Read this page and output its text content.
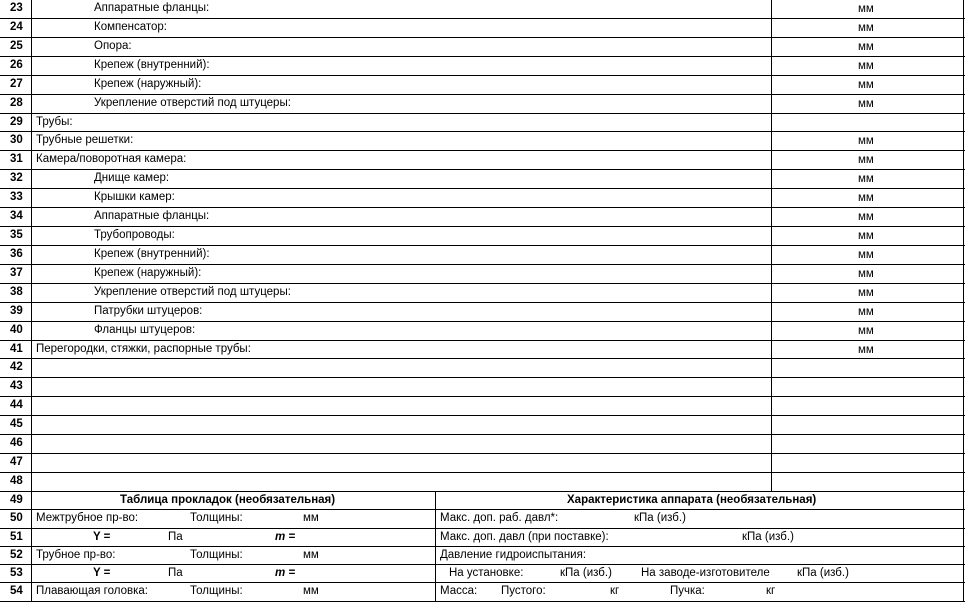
23	Аппаратные фланцы:	мм
24	Компенсатор:	мм
25	Опора:	мм
26	Крепеж (внутренний):	мм
27	Крепеж (наружный):	мм
28	Укрепление отверстий под штуцеры:	мм
29	Трубы:
30	Трубные решетки:	мм
31	Камера/поворотная камера:	мм
32	Днище камер:	мм
33	Крышки камер:	мм
34	Аппаратные фланцы:	мм
35	Трубопроводы:	мм
36	Крепеж (внутренний):	мм
37	Крепеж (наружный):	мм
38	Укрепление отверстий под штуцеры:	мм
39	Патрубки штуцеров:	мм
40	Фланцы штуцеров:	мм
41	Перегородки, стяжки, распорные трубы:	мм
42
43
44
45
46
47
48
49	Таблица прокладок (необязательная)	Характеристика аппарата (необязательная)
50	Межтрубное пр-во:	Толщины:	мм	Макс. доп. раб. давл*:	кПа (изб.)
51	Y =	Па	m =	Макс. доп. давл (при поставке):	кПа (изб.)
52	Трубное пр-во:	Толщины:	мм	Давление гидроиспытания:
53	Y =	Па	m =	На установке:	кПа (изб.)	На заводе-изготовителе кПа (изб.)
54	Плавающая головка:	Толщины:	мм	Масса: Пустого:	кг	Пучка:	кг
